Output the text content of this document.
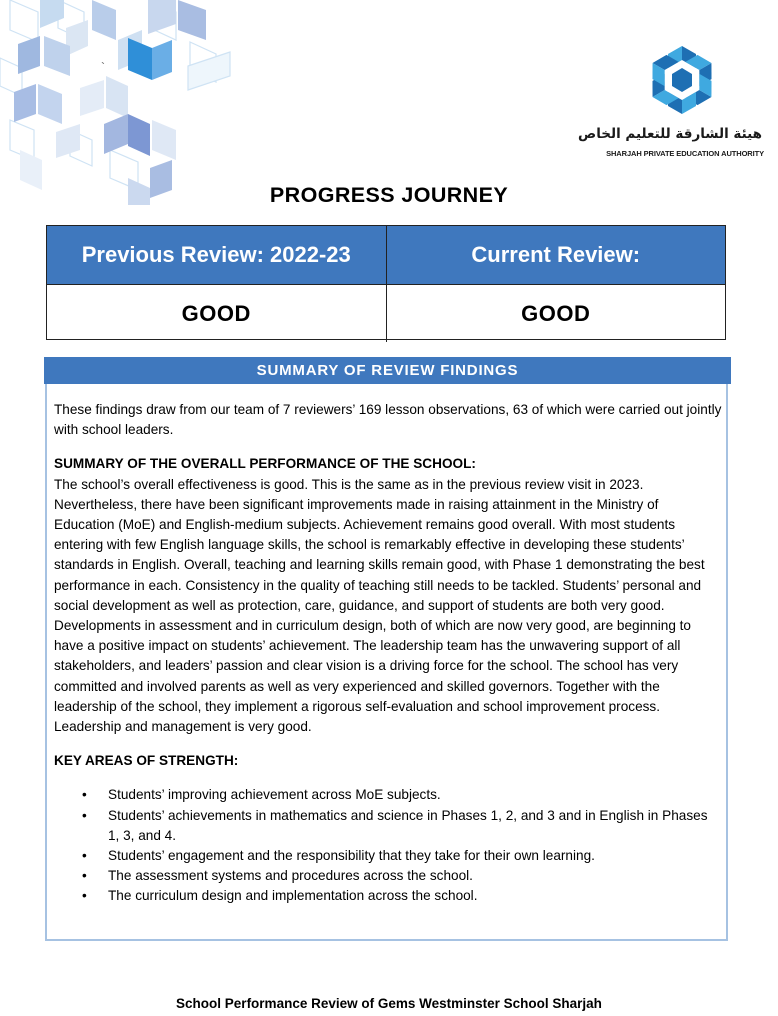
`
هيئة الشارقة للتعليم الخاص
SHARJAH PRIVATE EDUCATION AUTHORITY
PROGRESS JOURNEY
Previous Review: 2022-23	Current Review:
GOOD	GOOD
SUMMARY OF REVIEW FINDINGS

These findings draw from our team of 7 reviewers’ 169 lesson observations, 63 of which were carried out jointly with school leaders.

SUMMARY OF THE OVERALL PERFORMANCE OF THE SCHOOL:

The school’s overall effectiveness is good. This is the same as in the previous review visit in 2023. Nevertheless, there have been significant improvements made in raising attainment in the Ministry of Education (MoE) and English-medium subjects. Achievement remains good overall. With most students entering with few English language skills, the school is remarkably effective in developing these students’ standards in English. Overall, teaching and learning skills remain good, with Phase 1 demonstrating the best performance in each. Consistency in the quality of teaching still needs to be tackled. Students’ personal and social development as well as protection, care, guidance, and support of students are both very good. Developments in assessment and in curriculum design, both of which are now very good, are beginning to have a positive impact on students’ achievement. The leadership team has the unwavering support of all stakeholders, and leaders’ passion and clear vision is a driving force for the school. The school has very committed and involved parents as well as very experienced and skilled governors. Together with the leadership of the school, they implement a rigorous self-evaluation and school improvement process. Leadership and management is very good.

KEY AREAS OF STRENGTH:

• Students’ improving achievement across MoE subjects.
• Students’ achievements in mathematics and science in Phases 1, 2, and 3 and in English in Phases 1, 3, and 4.
• Students’ engagement and the responsibility that they take for their own learning.
• The assessment systems and procedures across the school.
• The curriculum design and implementation across the school.
School Performance Review of Gems Westminster School Sharjah
